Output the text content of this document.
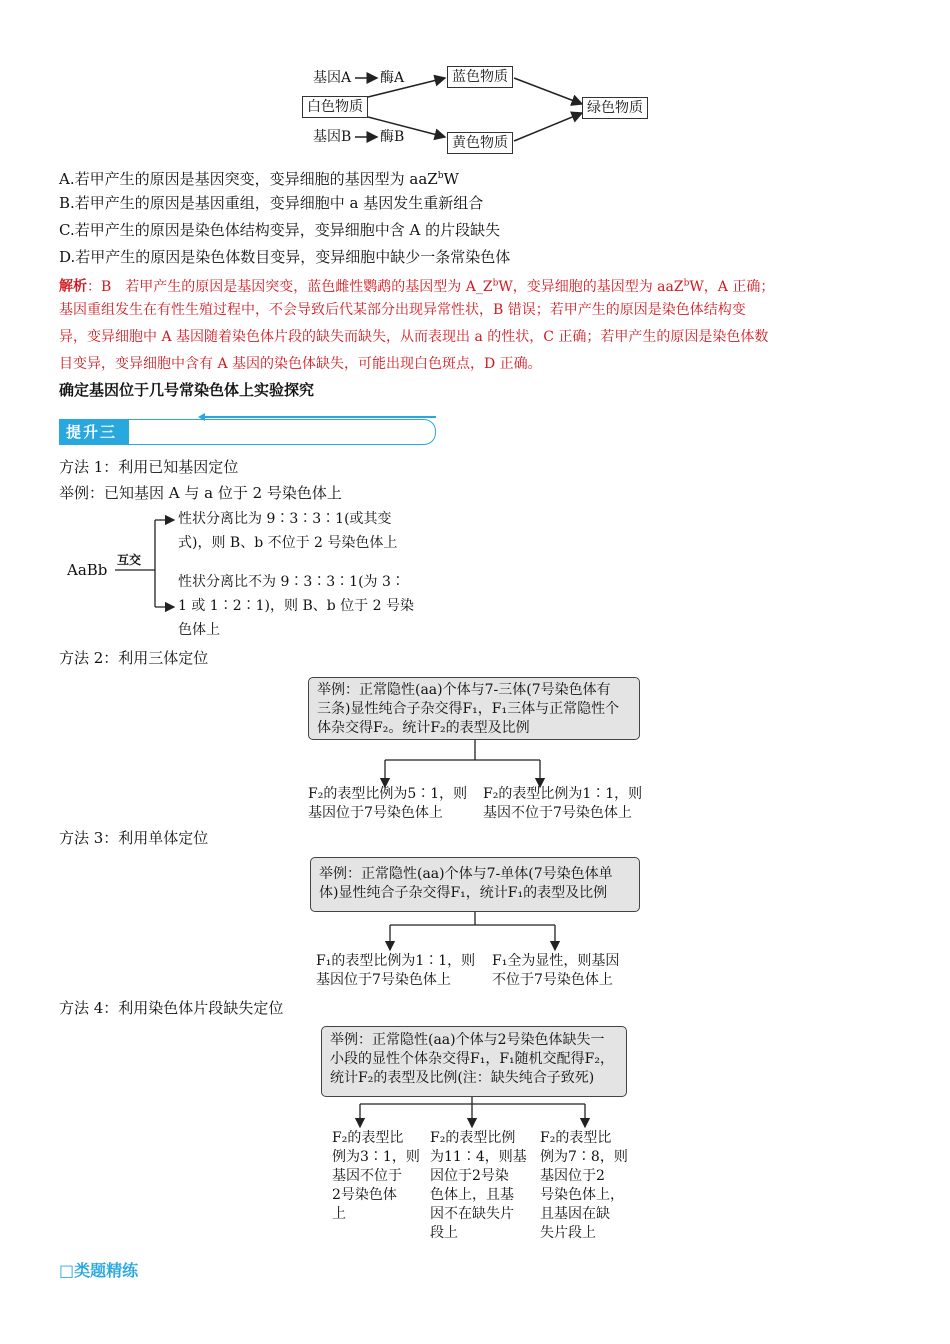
基因A 酶A
基因B 酶B
白色物质
蓝色物质
黄色物质
绿色物质
A.若甲产生的原因是基因突变，变异细胞的基因型为 aaZ$^b$W
B.若甲产生的原因是基因重组，变异细胞中 a 基因发生重新组合
C.若甲产生的原因是染色体结构变异，变异细胞中含 A 的片段缺失
D.若甲产生的原因是染色体数目变异，变异细胞中缺少一条常染色体
解析：B　若甲产生的原因是基因突变，蓝色雌性鹦鹉的基因型为 $A\_Z^bW$，变异细胞的基因型为 aaZ$^b$W，A 正确；
基因重组发生在有性生殖过程中，不会导致后代某部分出现异常性状，B 错误；若甲产生的原因是染色体结构变
异，变异细胞中 A 基因随着染色体片段的缺失而缺失，从而表现出 a 的性状，C 正确；若甲产生的原因是染色体数
目变异，变异细胞中含有 A 基因的染色体缺失，可能出现白色斑点，D 正确。
确定基因位于几号常染色体上实验探究
提升三
方法 1：利用已知基因定位
举例：已知基因 A 与 a 位于 2 号染色体上
AaBb
互交
性状分离比为 9∶3∶3∶1(或其变
式)，则 B、b 不位于 2 号染色体上
性状分离比不为 9∶3∶3∶1(为 3∶
1 或 1∶2∶1)，则 B、b 位于 2 号染
色体上
方法 2：利用三体定位
举例：正常隐性(aa)个体与7-三体(7号染色体有
三条)显性纯合子杂交得F₁，F₁三体与正常隐性个
体杂交得F₂。统计F₂的表型及比例
F₂的表型比例为5∶1，则
基因位于7号染色体上
F₂的表型比例为1∶1，则
基因不位于7号染色体上
方法 3：利用单体定位
举例：正常隐性(aa)个体与7-单体(7号染色体单
体)显性纯合子杂交得F₁，统计F₁的表型及比例
F₁的表型比例为1∶1，则
基因位于7号染色体上
F₁全为显性，则基因
不位于7号染色体上
方法 4：利用染色体片段缺失定位
举例：正常隐性(aa)个体与2号染色体缺失一
小段的显性个体杂交得F₁，F₁随机交配得F₂，
统计F₂的表型及比例(注：缺失纯合子致死)
F₂的表型比
例为3∶1，则
基因不位于
2号染色体
上
F₂的表型比例
为11∶4，则基
因位于2号染
色体上，且基
因不在缺失片
段上
F₂的表型比
例为7∶8，则
基因位于2
号染色体上，
且基因在缺
失片段上
□类题精练
